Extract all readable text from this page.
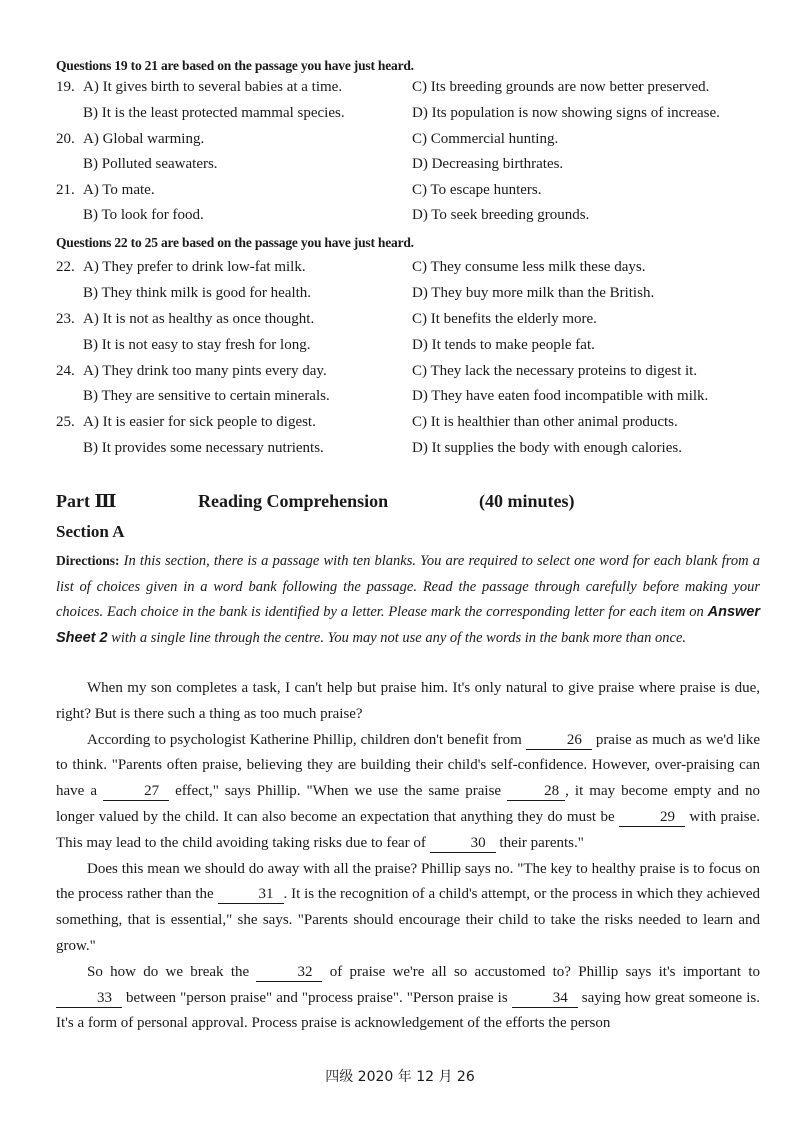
Questions 19 to 21 are based on the passage you have just heard.
19. A) It gives birth to several babies at a time.	C) Its breeding grounds are now better preserved.
B) It is the least protected mammal species.	D) Its population is now showing signs of increase.
20. A) Global warming.	C) Commercial hunting.
B) Polluted seawaters.	D) Decreasing birthrates.
21. A) To mate.	C) To escape hunters.
B) To look for food.	D) To seek breeding grounds.
Questions 22 to 25 are based on the passage you have just heard.
22. A) They prefer to drink low-fat milk.	C) They consume less milk these days.
B) They think milk is good for health.	D) They buy more milk than the British.
23. A) It is not as healthy as once thought.	C) It benefits the elderly more.
B) It is not easy to stay fresh for long.	D) It tends to make people fat.
24. A) They drink too many pints every day.	C) They lack the necessary proteins to digest it.
B) They are sensitive to certain minerals.	D) They have eaten food incompatible with milk.
25. A) It is easier for sick people to digest.	C) It is healthier than other animal products.
B) It provides some necessary nutrients.	D) It supplies the body with enough calories.
Part Ⅲ	Reading Comprehension	(40 minutes)
Section A
Directions: In this section, there is a passage with ten blanks. You are required to select one word for each blank from a list of choices given in a word bank following the passage. Read the passage through carefully before making your choices. Each choice in the bank is identified by a letter. Please mark the corresponding letter for each item on Answer Sheet 2 with a single line through the centre. You may not use any of the words in the bank more than once.

When my son completes a task, I can't help but praise him. It's only natural to give praise where praise is due, right? But is there such a thing as too much praise?

According to psychologist Katherine Phillip, children don't benefit from	26 praise as much as we'd like to think. "Parents often praise, believing they are building their child's self-confidence. However, over-praising can have a	27 effect," says Phillip. "When we use the same praise	28 , it may become empty and no longer valued by the child. It can also become an expectation that anything they do must be	29 with praise. This may lead to the child avoiding taking risks due to fear of	30 their parents."

Does this mean we should do away with all the praise? Phillip says no. "The key to healthy praise is to focus on the process rather than the	31 . It is the recognition of a child's attempt, or the process in which they achieved something, that is essential," she says. "Parents should encourage their child to take the risks needed to learn and grow."

So how do we break the	32 of praise we're all so accustomed to? Phillip says it's important to 33 between "person praise" and "process praise". "Person praise is	34 saying how great someone is. It's a form of personal approval. Process praise is acknowledgement of the efforts the person

四级 2020 年 12 月 26
